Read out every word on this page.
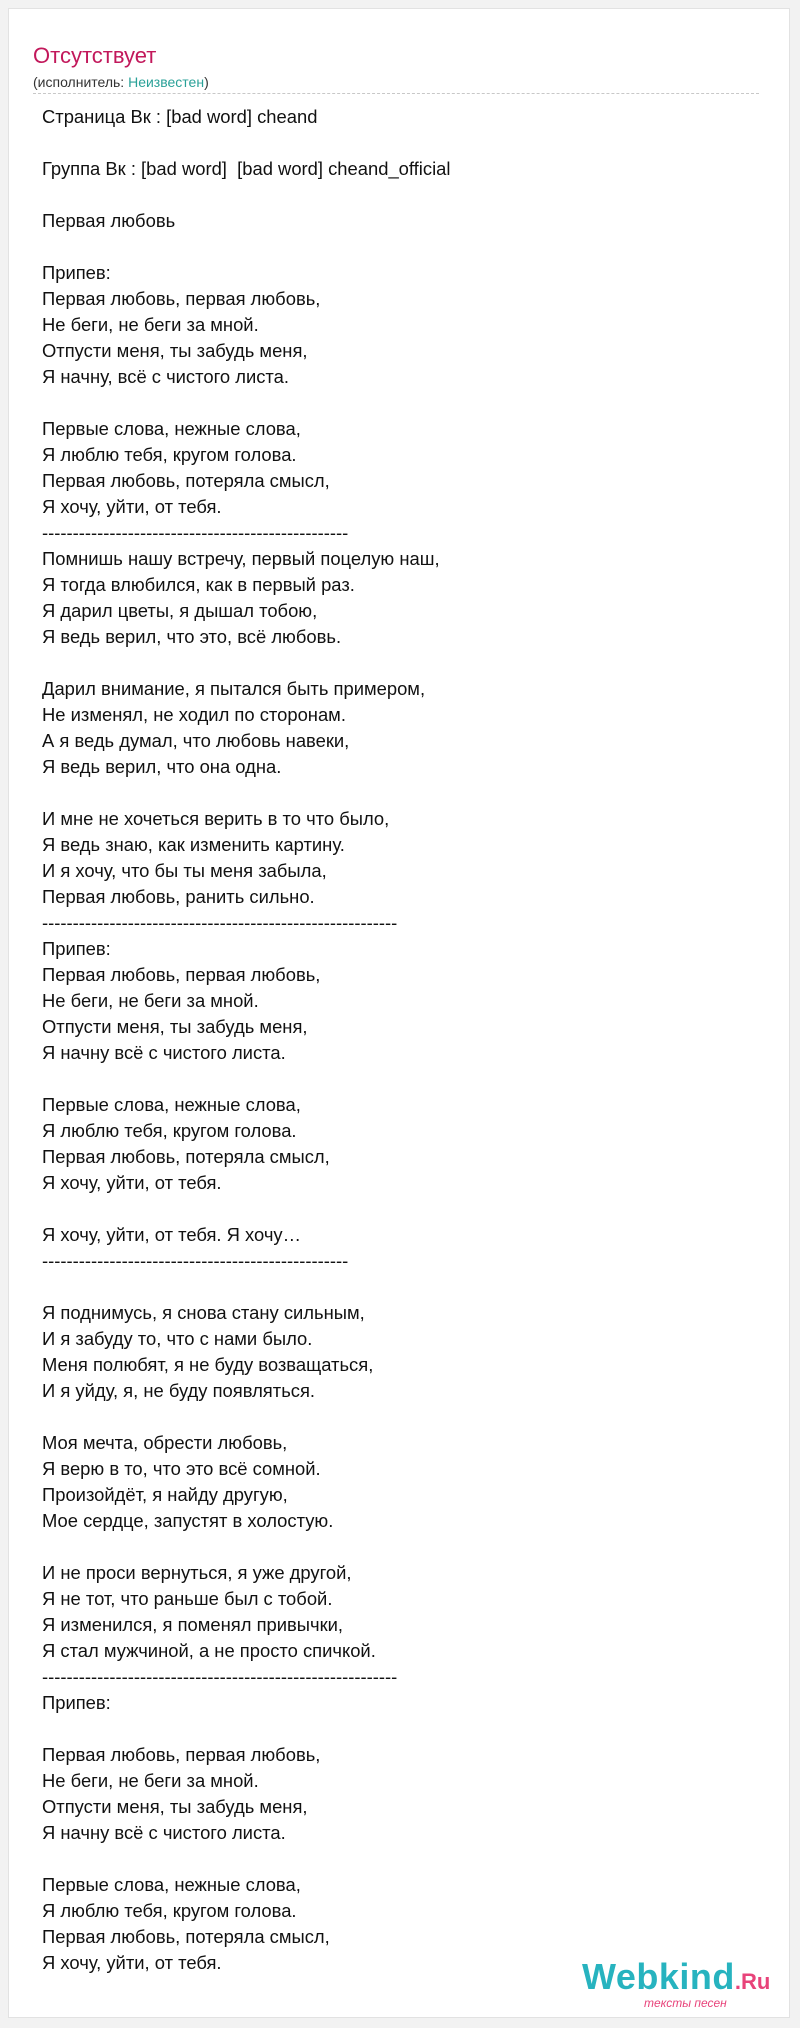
Отсутствует
(исполнитель: Неизвестен)
Страница Вк : [bad word] cheand
Группа Вк : [bad word]  [bad word] cheand_official
Первая любовь
Припев:
Первая любовь, первая любовь,
Не беги, не беги за мной.
Отпусти меня, ты забудь меня,
Я начну, всё с чистого листа.
Первые слова, нежные слова,
Я люблю тебя, кругом голова.
Первая любовь, потеряла смысл,
Я хочу, уйти, от тебя.
--------------------------------------------------
Помнишь нашу встречу, первый поцелую наш,
Я тогда влюбился, как в первый раз.
Я дарил цветы, я дышал тобою,
Я ведь верил, что это, всё любовь.
Дарил внимание, я пытался быть примером,
Не изменял, не ходил по сторонам.
А я ведь думал, что любовь навеки,
Я ведь верил, что она одна.
И мне не хочеться верить в то что было,
Я ведь знаю, как изменить картину.
И я хочу, что бы ты меня забыла,
Первая любовь, ранить сильно.
----------------------------------------------------------
Припев:
Первая любовь, первая любовь,
Не беги, не беги за мной.
Отпусти меня, ты забудь меня,
Я начну всё с чистого листа.
Первые слова, нежные слова,
Я люблю тебя, кругом голова.
Первая любовь, потеряла смысл,
Я хочу, уйти, от тебя.
Я хочу, уйти, от тебя. Я хочу…
--------------------------------------------------
Я поднимусь, я снова стану сильным,
И я забуду то, что с нами было.
Меня полюбят, я не буду возващаться,
И я уйду, я, не буду появляться.
Моя мечта, обрести любовь,
Я верю в то, что это всё сомной.
Произойдёт, я найду другую,
Мое сердце, запустят в холостую.
И не проси вернуться, я уже другой,
Я не тот, что раньше был с тобой.
Я изменился, я поменял привычки,
Я стал мужчиной, а не просто спичкой.
----------------------------------------------------------
Припев:
Первая любовь, первая любовь,
Не беги, не беги за мной.
Отпусти меня, ты забудь меня,
Я начну всё с чистого листа.
Первые слова, нежные слова,
Я люблю тебя, кругом голова.
Первая любовь, потеряла смысл,
Я хочу, уйти, от тебя.	Webkind.Ru
тексты песен
